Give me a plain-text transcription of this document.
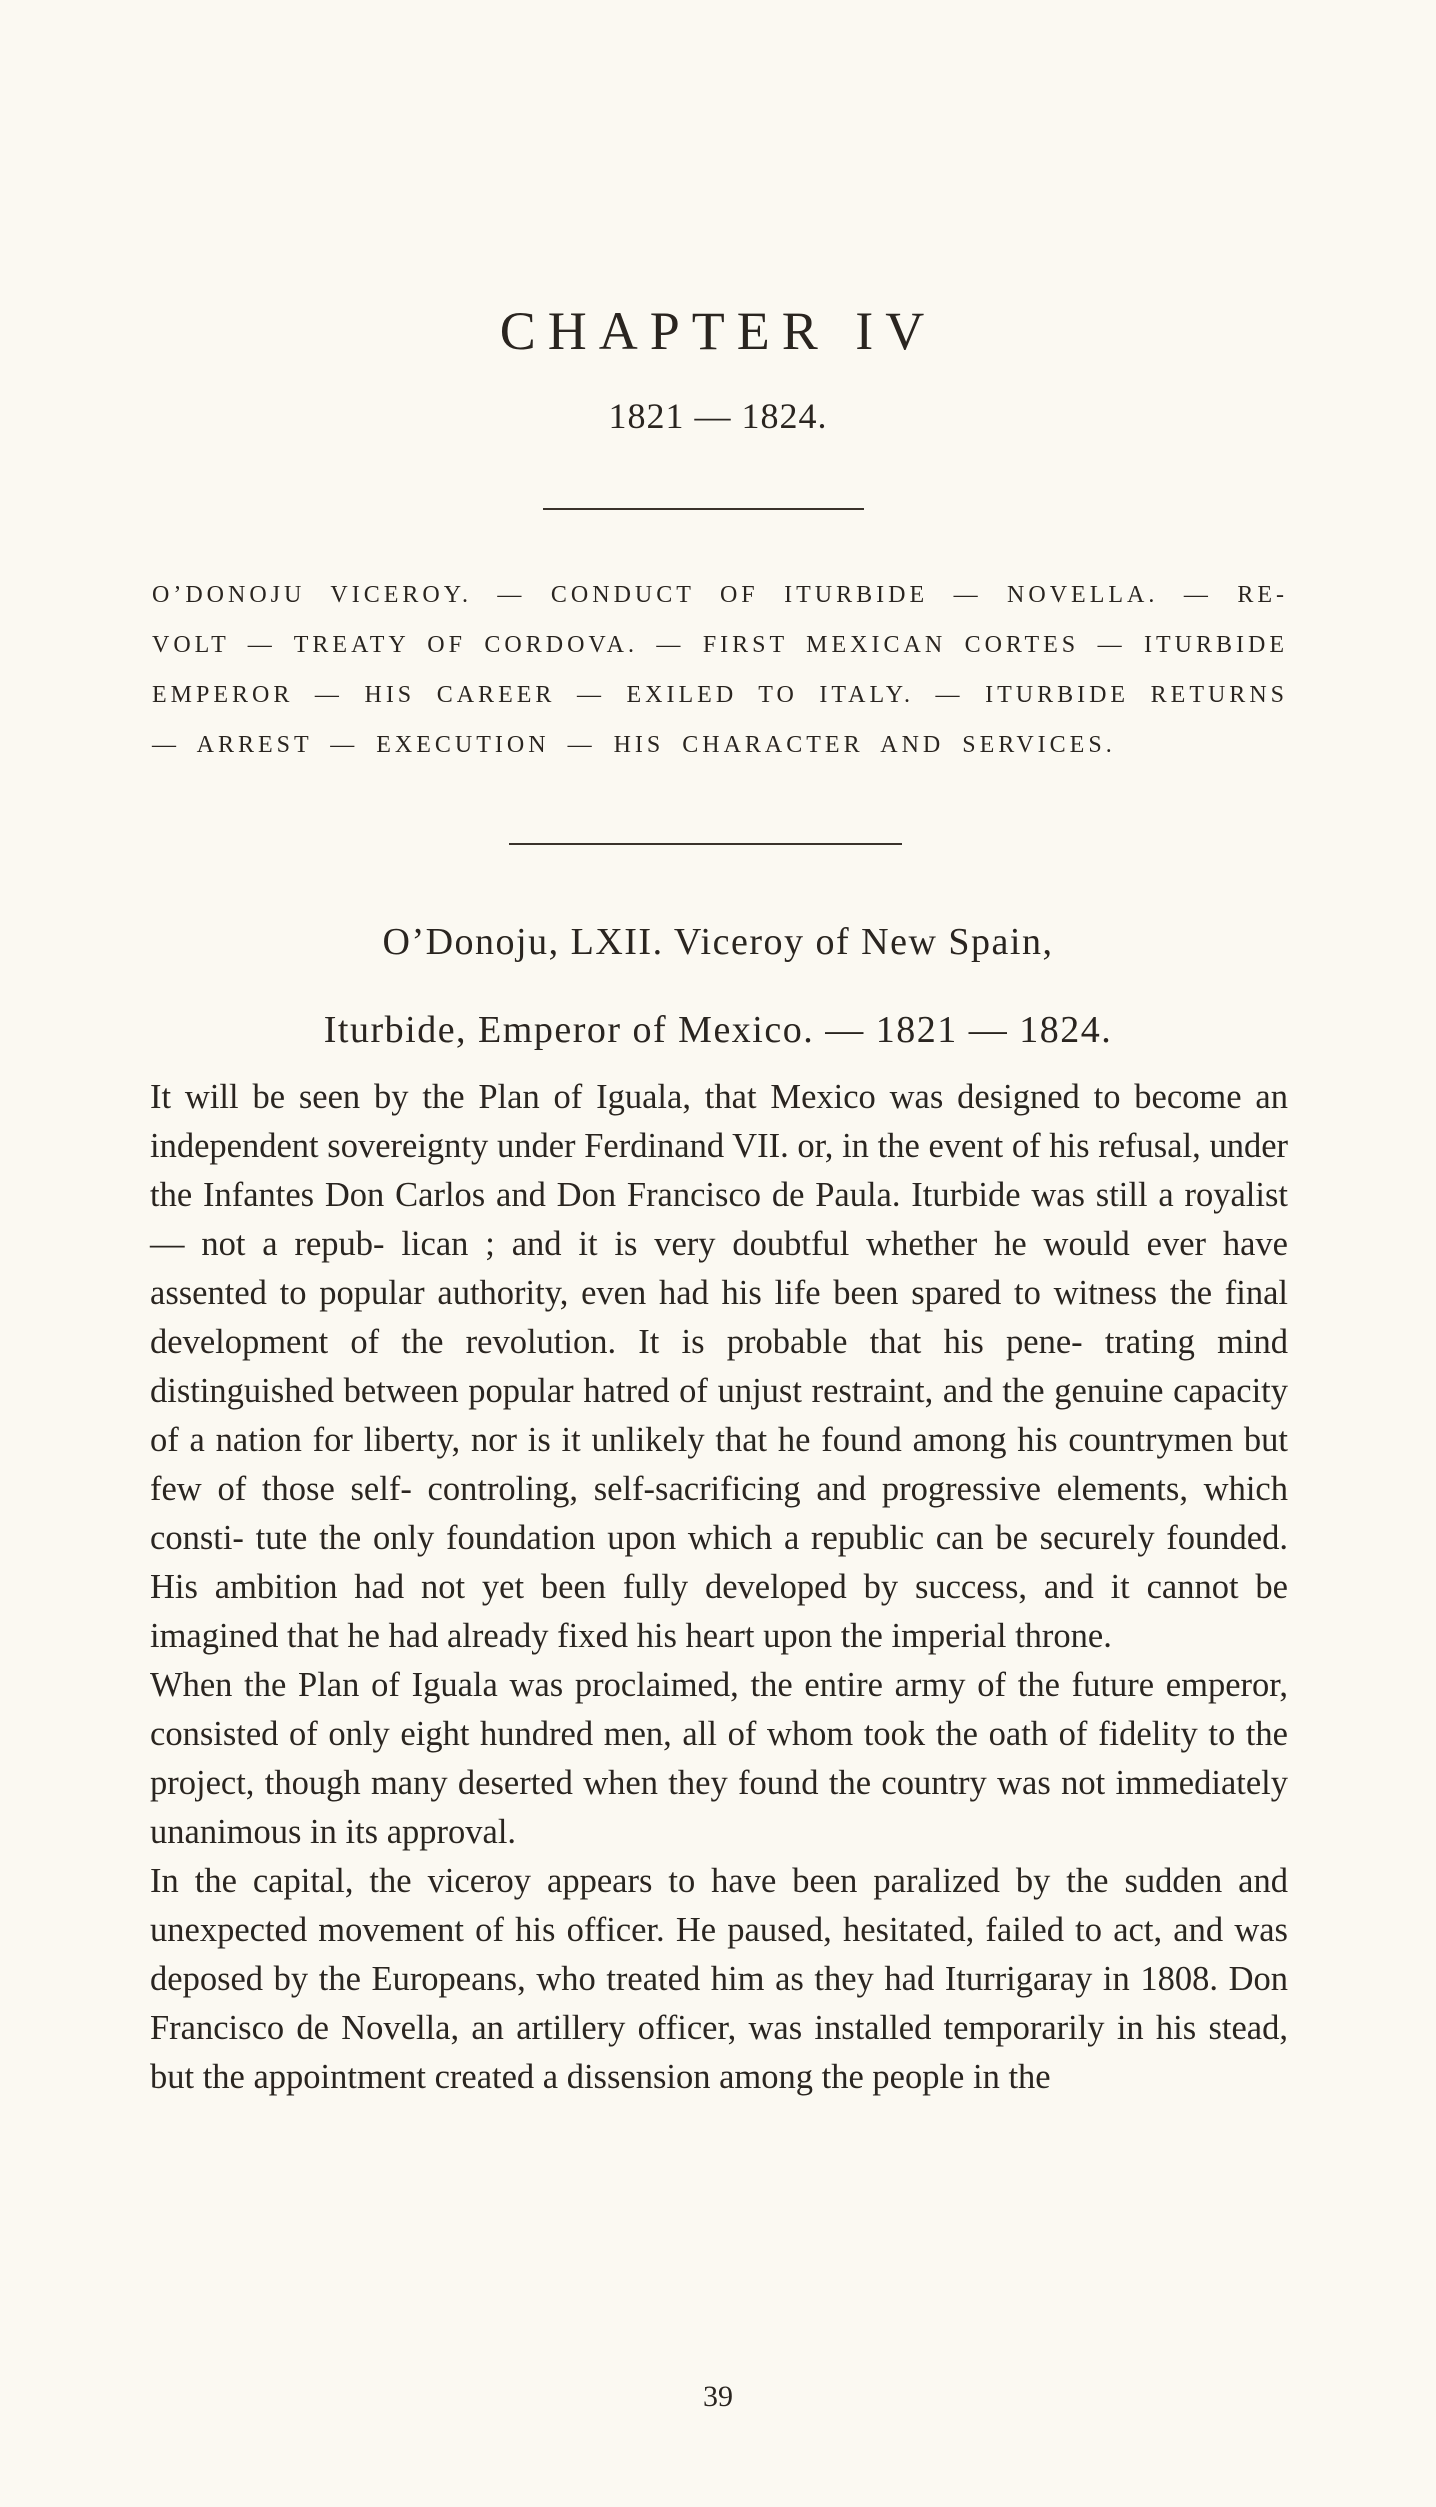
CHAPTER IV
1821 — 1824.
O’DONOJU VICEROY. — CONDUCT OF ITURBIDE — NOVELLA. — RE- VOLT — TREATY OF CORDOVA. — FIRST MEXICAN CORTES — ITURBIDE EMPEROR — HIS CAREER — EXILED TO ITALY. — ITURBIDE RETURNS — ARREST — EXECUTION — HIS CHARACTER AND SERVICES.
O’Donoju, LXII. Viceroy of New Spain,
Iturbide, Emperor of Mexico. — 1821 — 1824.

It will be seen by the Plan of Iguala, that Mexico was designed to become an independent sovereignty under Ferdinand VII. or, in the event of his refusal, under the Infantes Don Carlos and Don Francisco de Paula. Iturbide was still a royalist — not a repub- lican ; and it is very doubtful whether he would ever have assented to popular authority, even had his life been spared to witness the final development of the revolution. It is probable that his pene- trating mind distinguished between popular hatred of unjust restraint, and the genuine capacity of a nation for liberty, nor is it unlikely that he found among his countrymen but few of those self- controling, self-sacrificing and progressive elements, which consti- tute the only foundation upon which a republic can be securely founded. His ambition had not yet been fully developed by success, and it cannot be imagined that he had already fixed his heart upon the imperial throne.

When the Plan of Iguala was proclaimed, the entire army of the future emperor, consisted of only eight hundred men, all of whom took the oath of fidelity to the project, though many deserted when they found the country was not immediately unanimous in its approval.

In the capital, the viceroy appears to have been paralized by the sudden and unexpected movement of his officer. He paused, hesitated, failed to act, and was deposed by the Europeans, who treated him as they had Iturrigaray in 1808. Don Francisco de Novella, an artillery officer, was installed temporarily in his stead, but the appointment created a dissension among the people in the

39
